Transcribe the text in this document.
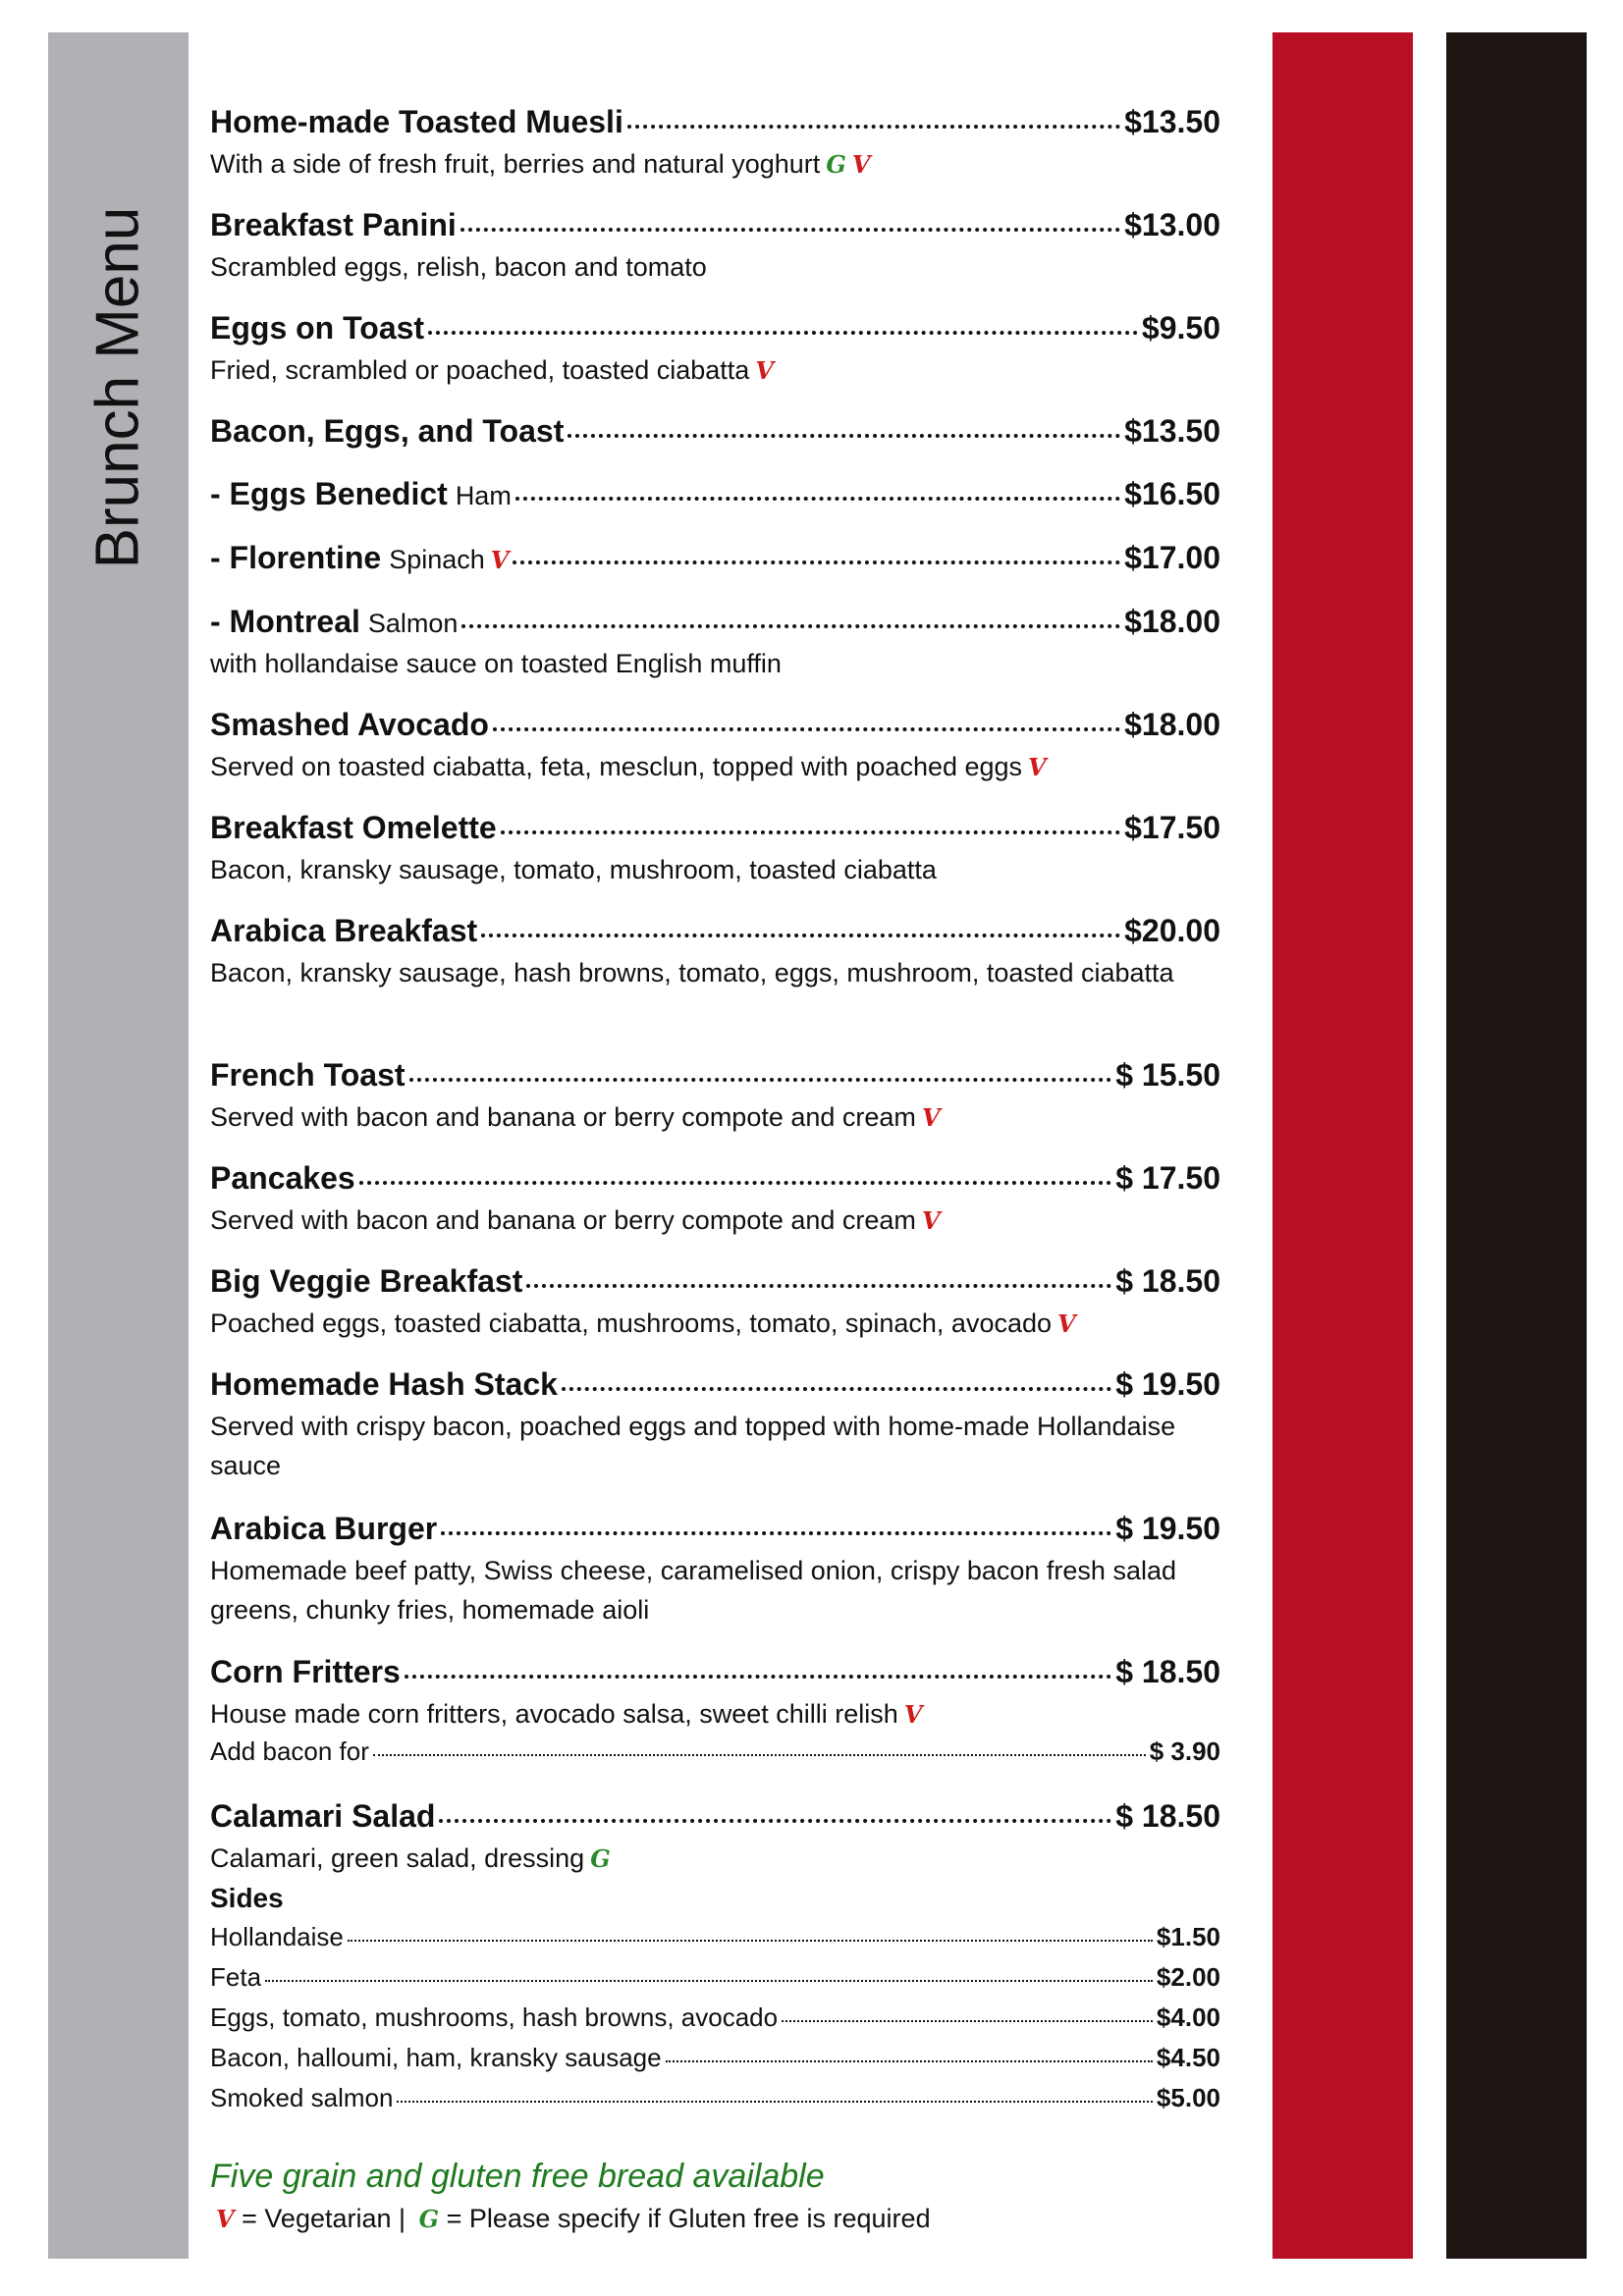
Brunch Menu
Home-made Toasted Muesli	$13.50
With a side of fresh fruit, berries and natural yoghurt G V
Breakfast Panini	$13.00
Scrambled eggs, relish, bacon and tomato
Eggs on Toast	$9.50
Fried, scrambled or poached, toasted ciabatta V
Bacon, Eggs, and Toast	$13.50
- Eggs Benedict Ham	$16.50
- Florentine Spinach V	$17.00
- Montreal Salmon	$18.00
with hollandaise sauce on toasted English muffin
Smashed Avocado	$18.00
Served on toasted ciabatta, feta, mesclun, topped with poached eggs V
Breakfast Omelette	$17.50
Bacon, kransky sausage, tomato, mushroom, toasted ciabatta
Arabica Breakfast	$20.00
Bacon, kransky sausage, hash browns, tomato, eggs, mushroom, toasted ciabatta
French Toast	$ 15.50
Served with bacon and banana or berry compote and cream V
Pancakes	$ 17.50
Served with bacon and banana or berry compote and cream V
Big Veggie Breakfast	$ 18.50
Poached eggs, toasted ciabatta, mushrooms, tomato, spinach, avocado V
Homemade Hash Stack	$ 19.50
Served with crispy bacon, poached eggs and topped with home-made Hollandaise sauce
Arabica Burger	$ 19.50
Homemade beef patty, Swiss cheese, caramelised onion, crispy bacon fresh salad greens, chunky fries, homemade aioli
Corn Fritters	$ 18.50
House made corn fritters, avocado salsa, sweet chilli relish V
Add bacon for	$ 3.90
Calamari Salad	$ 18.50
Calamari, green salad, dressing G
Sides
Hollandaise	$1.50
Feta	$2.00
Eggs, tomato, mushrooms, hash browns, avocado	$4.00
Bacon, halloumi, ham, kransky sausage	$4.50
Smoked salmon	$5.00
Five grain and gluten free bread available
V = Vegetarian | G = Please specify if Gluten free is required
